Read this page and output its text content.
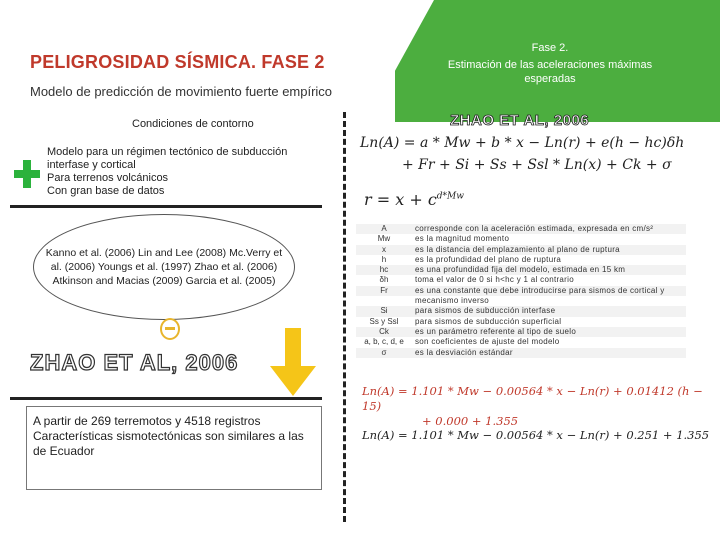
PELIGROSIDAD SÍSMICA. FASE 2
Modelo de predicción de movimiento fuerte empírico
Fase 2.
Estimación de las aceleraciones máximas esperadas
ZHAO ET AL, 2006
Condiciones de contorno
Modelo para un régimen tectónico de subducción
interfase y cortical
Para terrenos volcánicos
Con gran base de datos
Kanno et al. (2006) Lin and Lee (2008) Mc.Verry et al. (2006) Youngs et al. (1997) Zhao et al. (2006) Atkinson and Macias (2009) Garcia et al. (2005)
ZHAO ET AL, 2006
A partir de 269 terremotos y 4518 registros Características sismotectónicas son similares a las de Ecuador
Ln(A) = a * Mw + b * x − Ln(r) + e(h − hc)δh
+ Fr + Si + Ss + Ssl * Ln(x) + Ck + σ
$r = x + c^{d*Mw}$
A	corresponde con la aceleración estimada, expresada en cm/s²
Mw	es la magnitud momento
x	es la distancia del emplazamiento al plano de ruptura
h	es la profundidad del plano de ruptura
hc	es una profundidad fija del modelo, estimada en 15 km
δh	toma el valor de 0 si h<hc y 1 al contrario
Fr	es una constante que debe introducirse para sismos de cortical y
	mecanismo inverso
Si	para sismos de subducción interfase
Ss y Ssl	para sismos de subducción superficial
Ck	es un parámetro referente al tipo de suelo
a, b, c, d, e	son coeficientes de ajuste del modelo
σ	es la desviación estándar
Ln(A) = 1.101 * Mw − 0.00564 * x − Ln(r) + 0.01412 (h − 15)
+ 0.000 + 1.355
Ln(A) = 1.101 * Mw − 0.00564 * x − Ln(r) + 0.251 + 1.355
